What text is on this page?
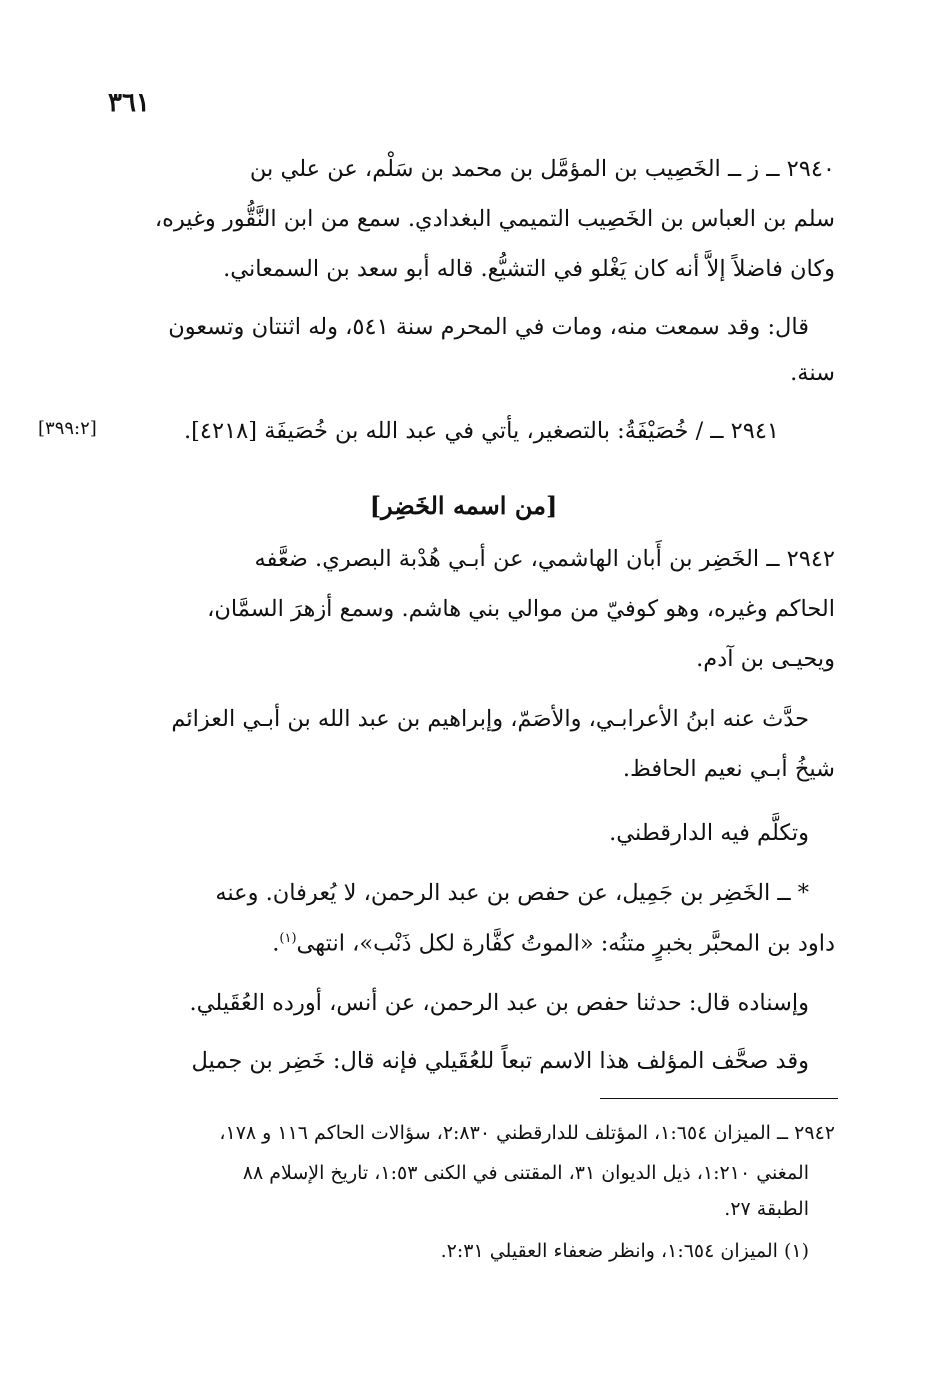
٣٦١
٢٩٤٠ ــ ز ــ الخَصِيب بن المؤمَّل بن محمد بن سَلْم، عن علي بن
سلم بن العباس بن الخَصِيب التميمي البغدادي. سمع من ابن النَّقُّور وغيره،
وكان فاضلاً إلاَّ أنه كان يَغْلو في التشيُّع. قاله أبو سعد بن السمعاني.
قال: وقد سمعت منه، ومات في المحرم سنة ٥٤١، وله اثنتان وتسعون
سنة.
٢٩٤١ ــ / خُصَيْفَةُ: بالتصغير، يأتي في عبد الله بن خُصَيفَة [٤٢١٨].
[٣٩٩:٢]
[من اسمه الخَضِر]
٢٩٤٢ ــ الخَضِر بن أَبان الهاشمي، عن أبـي هُدْبة البصري. ضعَّفه
الحاكم وغيره، وهو كوفيّ من موالي بني هاشم. وسمع أزهرَ السمَّان،
ويحيـى بن آدم.
حدَّث عنه ابنُ الأعرابـي، والأصَمّ، وإبراهيم بن عبد الله بن أبـي العزائم
شيخُ أبـي نعيم الحافظ.
وتكلَّم فيه الدارقطني.
* ــ الخَضِر بن جَمِيل، عن حفص بن عبد الرحمن، لا يُعرفان. وعنه
داود بن المحبَّر بخبرٍ متنُه: «الموتُ كفَّارة لكل ذَنْب»، انتهى$^{(١)}$.
وإسناده قال: حدثنا حفص بن عبد الرحمن، عن أنس، أورده العُقَيلي.
وقد صحَّف المؤلف هذا الاسم تبعاً للعُقَيلي فإنه قال: خَضِر بن جميل
٢٩٤٢ ــ الميزان ١:٦٥٤، المؤتلف للدارقطني ٢:٨٣٠، سؤالات الحاكم ١١٦ و ١٧٨،
المغني ١:٢١٠، ذيل الديوان ٣١، المقتنى في الكنى ١:٥٣، تاريخ الإسلام ٨٨
الطبقة ٢٧.
(١) الميزان ١:٦٥٤، وانظر ضعفاء العقيلي ٢:٣١.
